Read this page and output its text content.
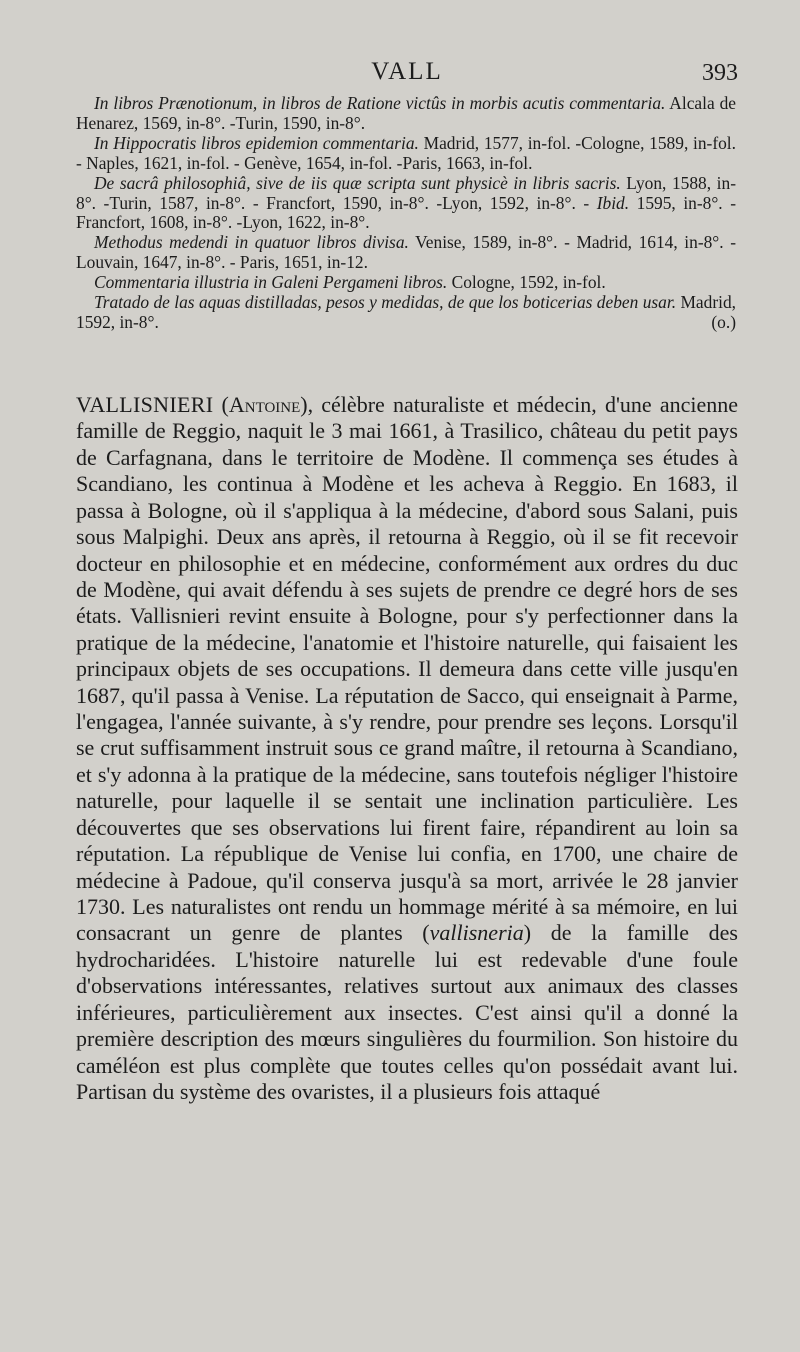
VALL	393

In libros Prænotionum, in libros de Ratione victûs in morbis acutis commentaria. Alcala de Henarez, 1569, in-8°. -Turin, 1590, in-8°.

In Hippocratis libros epidemion commentaria. Madrid, 1577, in-fol. -Cologne, 1589, in-fol. - Naples, 1621, in-fol. - Genève, 1654, in-fol. -Paris, 1663, in-fol.

De sacrâ philosophiâ, sive de iis quæ scripta sunt physicè in libris sacris. Lyon, 1588, in-8°. -Turin, 1587, in-8°. - Francfort, 1590, in-8°. -Lyon, 1592, in-8°. - Ibid. 1595, in-8°. - Francfort, 1608, in-8°. -Lyon, 1622, in-8°.

Methodus medendi in quatuor libros divisa. Venise, 1589, in-8°. - Madrid, 1614, in-8°. - Louvain, 1647, in-8°. - Paris, 1651, in-12.

Commentaria illustria in Galeni Pergameni libros. Cologne, 1592, in-fol.

Tratado de las aquas distilladas, pesos y medidas, de que los boticerias deben usar. Madrid, 1592, in-8°.	(o.)

VALLISNIERI (Antoine), célèbre naturaliste et médecin, d'une ancienne famille de Reggio, naquit le 3 mai 1661, à Trasilico, château du petit pays de Carfagnana, dans le territoire de Modène. Il commença ses études à Scandiano, les continua à Modène et les acheva à Reggio. En 1683, il passa à Bologne, où il s'appliqua à la médecine, d'abord sous Salani, puis sous Malpighi. Deux ans après, il retourna à Reggio, où il se fit recevoir docteur en philosophie et en médecine, conformément aux ordres du duc de Modène, qui avait défendu à ses sujets de prendre ce degré hors de ses états. Vallisnieri revint ensuite à Bologne, pour s'y perfectionner dans la pratique de la médecine, l'anatomie et l'histoire naturelle, qui faisaient les principaux objets de ses occupations. Il demeura dans cette ville jusqu'en 1687, qu'il passa à Venise. La réputation de Sacco, qui enseignait à Parme, l'engagea, l'année suivante, à s'y rendre, pour prendre ses leçons. Lorsqu'il se crut suffisamment instruit sous ce grand maître, il retourna à Scandiano, et s'y adonna à la pratique de la médecine, sans toutefois négliger l'histoire naturelle, pour laquelle il se sentait une inclination particulière. Les découvertes que ses observations lui firent faire, répandirent au loin sa réputation. La république de Venise lui confia, en 1700, une chaire de médecine à Padoue, qu'il conserva jusqu'à sa mort, arrivée le 28 janvier 1730. Les naturalistes ont rendu un hommage mérité à sa mémoire, en lui consacrant un genre de plantes (vallisneria) de la famille des hydrocharidées. L'histoire naturelle lui est redevable d'une foule d'observations intéressantes, relatives surtout aux animaux des classes inférieures, particulièrement aux insectes. C'est ainsi qu'il a donné la première description des mœurs singulières du fourmilion. Son histoire du caméléon est plus complète que toutes celles qu'on possédait avant lui. Partisan du système des ovaristes, il a plusieurs fois attaqué
